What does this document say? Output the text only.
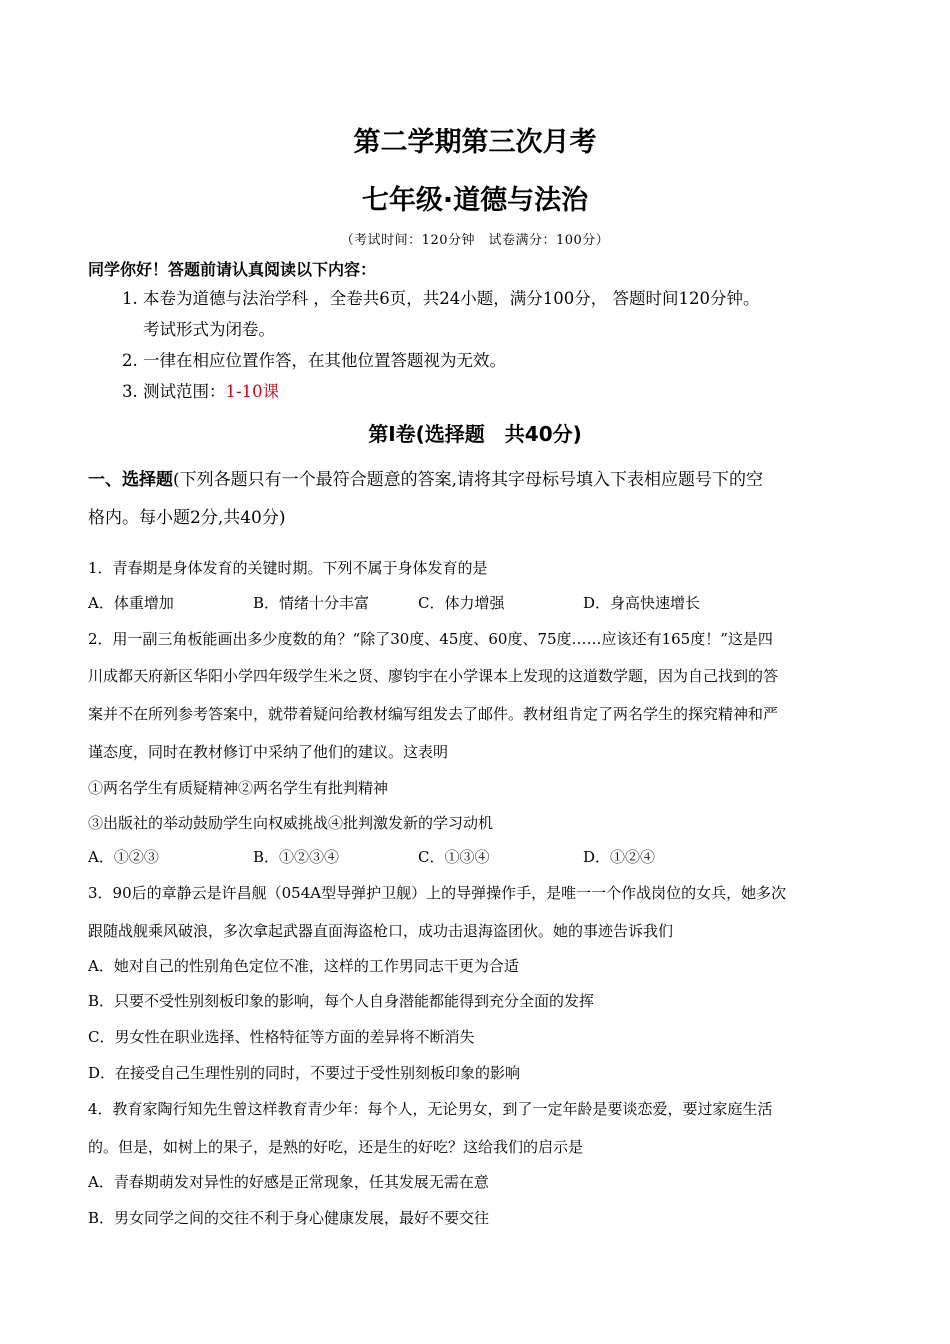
第二学期第三次月考
七年级·道德与法治
（考试时间：120分钟　试卷满分：100分）
同学你好！答题前请认真阅读以下内容：
1. 本卷为道德与法治学科 ，全卷共6页，共24小题，满分100分， 答题时间120分钟。
考试形式为闭卷。
2. 一律在相应位置作答，在其他位置答题视为无效。
3. 测试范围：1-10课
第Ⅰ卷(选择题　共40分)
一、选择题(下列各题只有一个最符合题意的答案,请将其字母标号填入下表相应题号下的空
格内。每小题2分,共40分)
1．青春期是身体发育的关键时期。下列不属于身体发育的是
A．体重增加	B．情绪十分丰富	C．体力增强	D．身高快速增长
2．用一副三角板能画出多少度数的角？“除了30度、45度、60度、75度……应该还有165度！”这是四
川成都天府新区华阳小学四年级学生米之贤、廖钧宇在小学课本上发现的这道数学题，因为自己找到的答
案并不在所列参考答案中，就带着疑问给教材编写组发去了邮件。教材组肯定了两名学生的探究精神和严
谨态度，同时在教材修订中采纳了他们的建议。这表明
①两名学生有质疑精神②两名学生有批判精神
③出版社的举动鼓励学生向权威挑战④批判激发新的学习动机
A．①②③	B．①②③④	C．①③④	D．①②④
3．90后的章静云是许昌舰（054A型导弹护卫舰）上的导弹操作手，是唯一一个作战岗位的女兵，她多次
跟随战舰乘风破浪，多次拿起武器直面海盗枪口，成功击退海盗团伙。她的事迹告诉我们
A．她对自己的性别角色定位不准，这样的工作男同志干更为合适
B．只要不受性别刻板印象的影响，每个人自身潜能都能得到充分全面的发挥
C．男女性在职业选择、性格特征等方面的差异将不断消失
D．在接受自己生理性别的同时，不要过于受性别刻板印象的影响
4．教育家陶行知先生曾这样教育青少年：每个人，无论男女，到了一定年龄是要谈恋爱，要过家庭生活
的。但是，如树上的果子，是熟的好吃，还是生的好吃？这给我们的启示是
A．青春期萌发对异性的好感是正常现象，任其发展无需在意
B．男女同学之间的交往不利于身心健康发展，最好不要交往
